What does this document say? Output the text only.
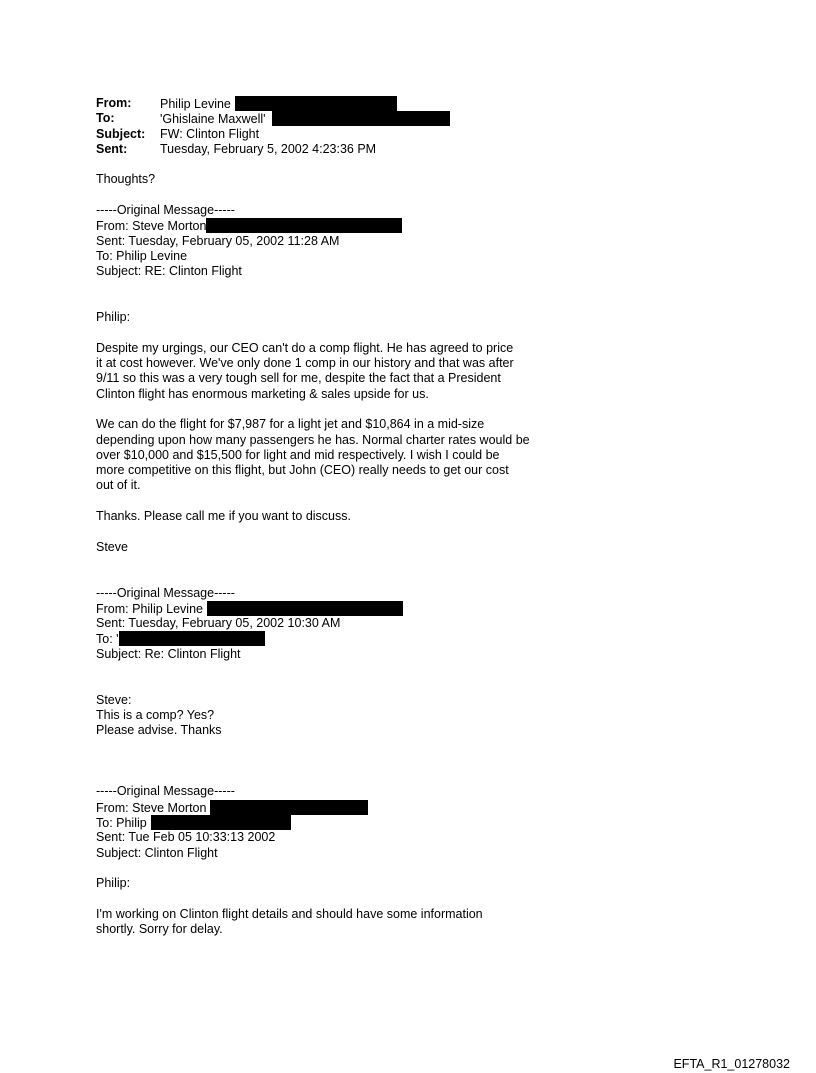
From:	Philip Levine
To:	'Ghislaine Maxwell'
Subject:	FW: Clinton Flight
Sent:	Tuesday, February 5, 2002 4:23:36 PM
Thoughts?
-----Original Message-----
From: Steve Morton
Sent: Tuesday, February 05, 2002 11:28 AM
To: Philip Levine
Subject: RE: Clinton Flight
Philip:
Despite my urgings, our CEO can't do a comp flight. He has agreed to price
it at cost however. We've only done 1 comp in our history and that was after
9/11 so this was a very tough sell for me, despite the fact that a President
Clinton flight has enormous marketing & sales upside for us.
We can do the flight for $7,987 for a light jet and $10,864 in a mid-size
depending upon how many passengers he has. Normal charter rates would be
over $10,000 and $15,500 for light and mid respectively. I wish I could be
more competitive on this flight, but John (CEO) really needs to get our cost
out of it.
Thanks. Please call me if you want to discuss.
Steve
-----Original Message-----
From: Philip Levine
Sent: Tuesday, February 05, 2002 10:30 AM
To: '
Subject: Re: Clinton Flight
Steve:
This is a comp? Yes?
Please advise. Thanks
-----Original Message-----
From: Steve Morton
To: Philip
Sent: Tue Feb 05 10:33:13 2002
Subject: Clinton Flight
Philip:
I'm working on Clinton flight details and should have some information
shortly. Sorry for delay.
EFTA_R1_01278032
